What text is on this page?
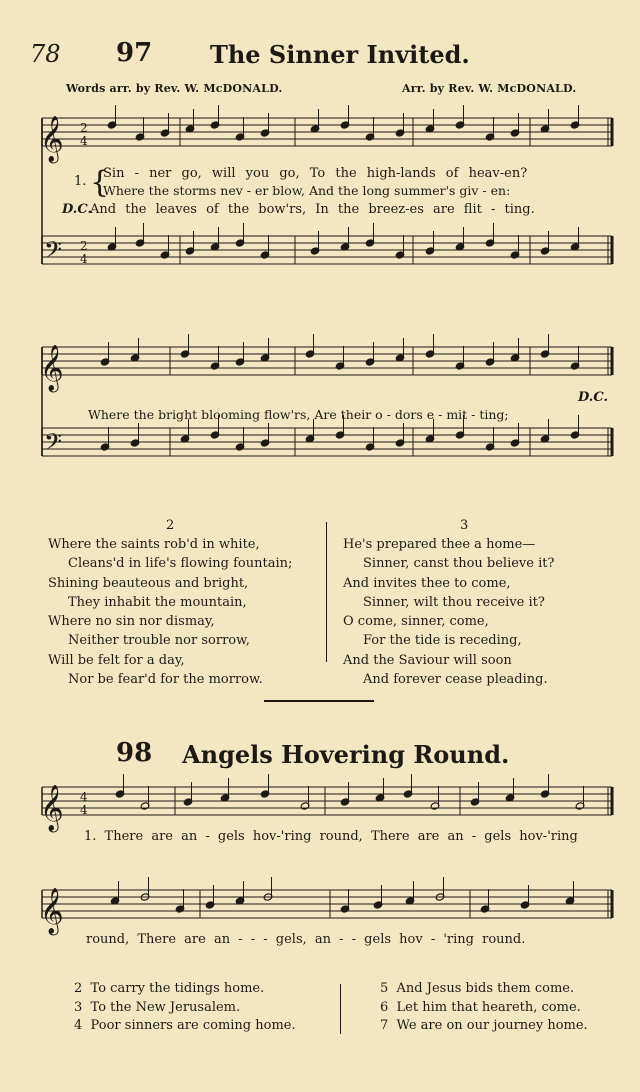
78 97 The Sinner Invited.
Words arr. by Rev. W. McDONALD.	Arr. by Rev. W. McDONALD.
𝄞
𝄢
2
4
2
4
𝄞
𝄢
𝄞
𝄞
4
4
1. {
Sin - ner go, will you go, To the high-lands of heav-en?
Where the storms nev - er blow, And the long summer's giv - en:
D.C.
And the leaves of the bow'rs, In the breez-es are flit - ting.
Where the bright blooming flow'rs, Are their o - dors e - mit - ting;
D.C.
2
Where the saints rob'd in white,
Cleans'd in life's flowing fountain;
Shining beauteous and bright,
They inhabit the mountain,
Where no sin nor dismay,
Neither trouble nor sorrow,
Will be felt for a day,
Nor be fear'd for the morrow.
3
He's prepared thee a home—
Sinner, canst thou believe it?
And invites thee to come,
Sinner, wilt thou receive it?
O come, sinner, come,
For the tide is receding,
And the Saviour will soon
And forever cease pleading.
98 Angels Hovering Round.
1. There are an - gels hov-'ring round, There are an - gels hov-'ring
round, There are an - - - gels, an - - gels hov - 'ring round.
2 To carry the tidings home.
3 To the New Jerusalem.
4 Poor sinners are coming home.
5 And Jesus bids them come.
6 Let him that heareth, come.
7 We are on our journey home.
